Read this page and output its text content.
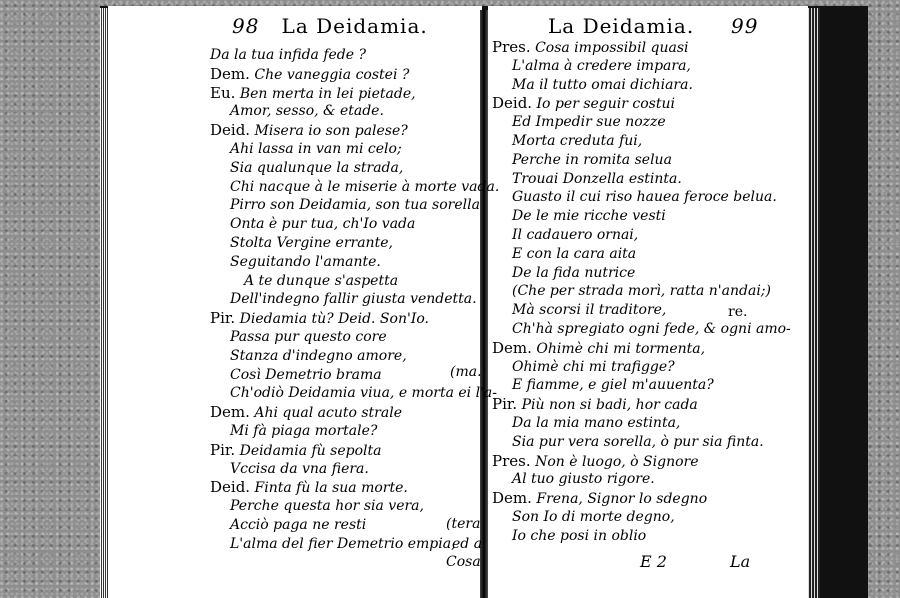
98 La Deidamia.	La Deidamia. 99
Da la tua infida fede ?
Dem. Che vaneggia costei ?
Eu. Ben merta in lei pietade,
Amor, sesso, & etade.
Deid. Misera io son palese?
Ahi lassa in van mi celo;
Sia qualunque la strada,
Chi nacque à le miserie à morte vada.
Pirro son Deidamia, son tua sorella
Onta è pur tua, ch'Io vada
Stolta Vergine errante,
Seguitando l'amante.
A te dunque s'aspetta
Dell'indegno fallir giusta vendetta.
Pir. Diedamia tù? Deid. Son'Io.
Passa pur questo core
Stanza d'indegno amore,
Così Demetrio brama
Ch'odiò Deidamia viua, e morta ei l'a-
Dem. Ahi qual acuto strale
Mi fà piaga mortale?
Pir. Deidamia fù sepolta
Vccisa da vna fiera.
Deid. Finta fù la sua morte.
Perche questa hor sia vera,
Acciò paga ne resti
L'alma del fier Demetrio empia,
Pres. Cosa impossibil quasi
L'alma à credere impara,
Ma il tutto omai dichiara.
Deid. Io per seguir costui
Ed Impedir sue nozze
Morta creduta fui,
Perche in romita selua
Trouai Donzella estinta.
Guasto il cui riso hauea feroce belua.
De le mie ricche vesti
Il cadauero ornai,
E con la cara aita
De la fida nutrice
(Che per strada morì, ratta n'andai;)
Mà scorsi il traditore,
Ch'hà spregiato ogni fede, & ogni amo-
Dem. Ohimè chi mi tormenta,
Ohimè chi mi trafigge?
E fiamme, e giel m'auuenta?
Pir. Più non si badi, hor cada
Da la mia mano estinta,
Sia pur vera sorella, ò pur sia finta.
Pres. Non è luogo, ò Signore
Al tuo giusto rigore.
Dem. Frena, Signor lo sdegno
Son Io di morte degno,
Io che posi in oblio
(ma.
(tera
ed a
Cosa
re.
E 2	La
